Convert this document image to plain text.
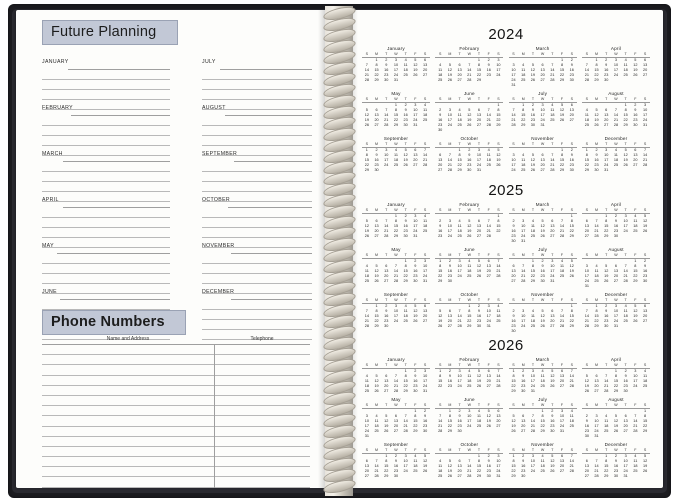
Future Planning
JANUARY
FEBRUARY
MARCH
APRIL
MAY
JUNE
JULY
AUGUST
SEPTEMBER
OCTOBER
NOVEMBER
DECEMBER
Phone Numbers
Name and Address	Telephone
2024
January
S	M	T	W	T	F	S
	1	2	3	4	5	6
7	8	9	10	11	12	13
14	15	16	17	18	19	20
21	22	23	24	25	26	27
28	29	30	31			
February
S	M	T	W	T	F	S
				1	2	3
4	5	6	7	8	9	10
11	12	13	14	15	16	17
18	19	20	21	22	23	24
25	26	27	28	29		
March
S	M	T	W	T	F	S
					1	2
3	4	5	6	7	8	9
10	11	12	13	14	15	16
17	18	19	20	21	22	23
24	25	26	27	28	29	30
31						
April
S	M	T	W	T	F	S
	1	2	3	4	5	6
7	8	9	10	11	12	13
14	15	16	17	18	19	20
21	22	23	24	25	26	27
28	29	30				
May
S	M	T	W	T	F	S
			1	2	3	4
5	6	7	8	9	10	11
12	13	14	15	16	17	18
19	20	21	22	23	24	25
26	27	28	29	30	31	
June
S	M	T	W	T	F	S
						1
2	3	4	5	6	7	8
9	10	11	12	13	14	15
16	17	18	19	20	21	22
23	24	25	26	27	28	29
30						
July
S	M	T	W	T	F	S
	1	2	3	4	5	6
7	8	9	10	11	12	13
14	15	16	17	18	19	20
21	22	23	24	25	26	27
28	29	30	31			
August
S	M	T	W	T	F	S
				1	2	3
4	5	6	7	8	9	10
11	12	13	14	15	16	17
18	19	20	21	22	23	24
25	26	27	28	29	30	31
September
S	M	T	W	T	F	S
1	2	3	4	5	6	7
8	9	10	11	12	13	14
15	16	17	18	19	20	21
22	23	24	25	26	27	28
29	30					
October
S	M	T	W	T	F	S
		1	2	3	4	5
6	7	8	9	10	11	12
13	14	15	16	17	18	19
20	21	22	23	24	25	26
27	28	29	30	31		
November
S	M	T	W	T	F	S
					1	2
3	4	5	6	7	8	9
10	11	12	13	14	15	16
17	18	19	20	21	22	23
24	25	26	27	28	29	30
December
S	M	T	W	T	F	S
1	2	3	4	5	6	7
8	9	10	11	12	13	14
15	16	17	18	19	20	21
22	23	24	25	26	27	28
29	30	31				
2025
January
S	M	T	W	T	F	S
			1	2	3	4
5	6	7	8	9	10	11
12	13	14	15	16	17	18
19	20	21	22	23	24	25
26	27	28	29	30	31	
February
S	M	T	W	T	F	S
						1
2	3	4	5	6	7	8
9	10	11	12	13	14	15
16	17	18	19	20	21	22
23	24	25	26	27	28	
March
S	M	T	W	T	F	S
						1
2	3	4	5	6	7	8
9	10	11	12	13	14	15
16	17	18	19	20	21	22
23	24	25	26	27	28	29
30	31					
April
S	M	T	W	T	F	S
		1	2	3	4	5
6	7	8	9	10	11	12
13	14	15	16	17	18	19
20	21	22	23	24	25	26
27	28	29	30			
May
S	M	T	W	T	F	S
				1	2	3
4	5	6	7	8	9	10
11	12	13	14	15	16	17
18	19	20	21	22	23	24
25	26	27	28	29	30	31
June
S	M	T	W	T	F	S
1	2	3	4	5	6	7
8	9	10	11	12	13	14
15	16	17	18	19	20	21
22	23	24	25	26	27	28
29	30					
July
S	M	T	W	T	F	S
		1	2	3	4	5
6	7	8	9	10	11	12
13	14	15	16	17	18	19
20	21	22	23	24	25	26
27	28	29	30	31		
August
S	M	T	W	T	F	S
					1	2
3	4	5	6	7	8	9
10	11	12	13	14	15	16
17	18	19	20	21	22	23
24	25	26	27	28	29	30
31						
September
S	M	T	W	T	F	S
	1	2	3	4	5	6
7	8	9	10	11	12	13
14	15	16	17	18	19	20
21	22	23	24	25	26	27
28	29	30				
October
S	M	T	W	T	F	S
			1	2	3	4
5	6	7	8	9	10	11
12	13	14	15	16	17	18
19	20	21	22	23	24	25
26	27	28	29	30	31	
November
S	M	T	W	T	F	S
						1
2	3	4	5	6	7	8
9	10	11	12	13	14	15
16	17	18	19	20	21	22
23	24	25	26	27	28	29
30						
December
S	M	T	W	T	F	S
	1	2	3	4	5	6
7	8	9	10	11	12	13
14	15	16	17	18	19	20
21	22	23	24	25	26	27
28	29	30	31			
2026
January
S	M	T	W	T	F	S
				1	2	3
4	5	6	7	8	9	10
11	12	13	14	15	16	17
18	19	20	21	22	23	24
25	26	27	28	29	30	31
February
S	M	T	W	T	F	S
1	2	3	4	5	6	7
8	9	10	11	12	13	14
15	16	17	18	19	20	21
22	23	24	25	26	27	28
March
S	M	T	W	T	F	S
1	2	3	4	5	6	7
8	9	10	11	12	13	14
15	16	17	18	19	20	21
22	23	24	25	26	27	28
29	30	31				
April
S	M	T	W	T	F	S
			1	2	3	4
5	6	7	8	9	10	11
12	13	14	15	16	17	18
19	20	21	22	23	24	25
26	27	28	29	30		
May
S	M	T	W	T	F	S
					1	2
3	4	5	6	7	8	9
10	11	12	13	14	15	16
17	18	19	20	21	22	23
24	25	26	27	28	29	30
31						
June
S	M	T	W	T	F	S
	1	2	3	4	5	6
7	8	9	10	11	12	13
14	15	16	17	18	19	20
21	22	23	24	25	26	27
28	29	30				
July
S	M	T	W	T	F	S
			1	2	3	4
5	6	7	8	9	10	11
12	13	14	15	16	17	18
19	20	21	22	23	24	25
26	27	28	29	30	31	
August
S	M	T	W	T	F	S
						1
2	3	4	5	6	7	8
9	10	11	12	13	14	15
16	17	18	19	20	21	22
23	24	25	26	27	28	29
30	31					
September
S	M	T	W	T	F	S
		1	2	3	4	5
6	7	8	9	10	11	12
13	14	15	16	17	18	19
20	21	22	23	24	25	26
27	28	29	30			
October
S	M	T	W	T	F	S
				1	2	3
4	5	6	7	8	9	10
11	12	13	14	15	16	17
18	19	20	21	22	23	24
25	26	27	28	29	30	31
November
S	M	T	W	T	F	S
1	2	3	4	5	6	7
8	9	10	11	12	13	14
15	16	17	18	19	20	21
22	23	24	25	26	27	28
29	30					
December
S	M	T	W	T	F	S
		1	2	3	4	5
6	7	8	9	10	11	12
13	14	15	16	17	18	19
20	21	22	23	24	25	26
27	28	29	30	31		
